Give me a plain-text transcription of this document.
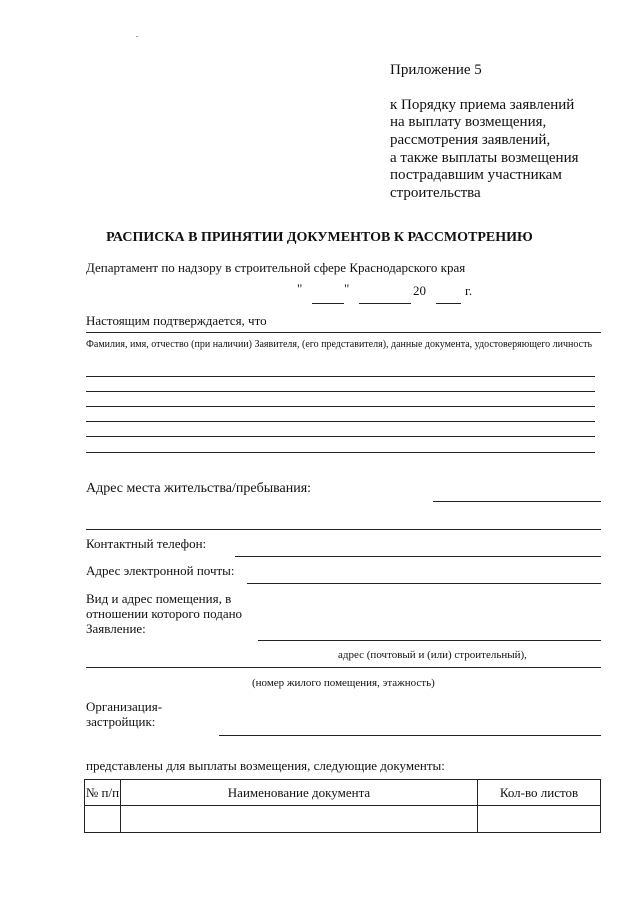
Приложение 5
к Порядку приема заявлений
на выплату возмещения,
рассмотрения заявлений,
а также выплаты возмещения
пострадавшим участникам
строительства
РАСПИСКА В ПРИНЯТИИ ДОКУМЕНТОВ К РАССМОТРЕНИЮ
Департамент по надзору в строительной сфере Краснодарского края
"	"	20	г.
Настоящим подтверждается, что
Фамилия, имя, отчество (при наличии) Заявителя, (его представителя), данные документа, удостоверяющего личность
Адрес места жительства/пребывания:
Контактный телефон:
Адрес электронной почты:
Вид и адрес помещения, в
отношении которого подано
Заявление:
адрес (почтовый и (или) строительный),
(номер жилого помещения, этажность)
Организация-
застройщик:
представлены для выплаты возмещения, следующие документы:
№ п/п	Наименование документа	Кол-во листов
